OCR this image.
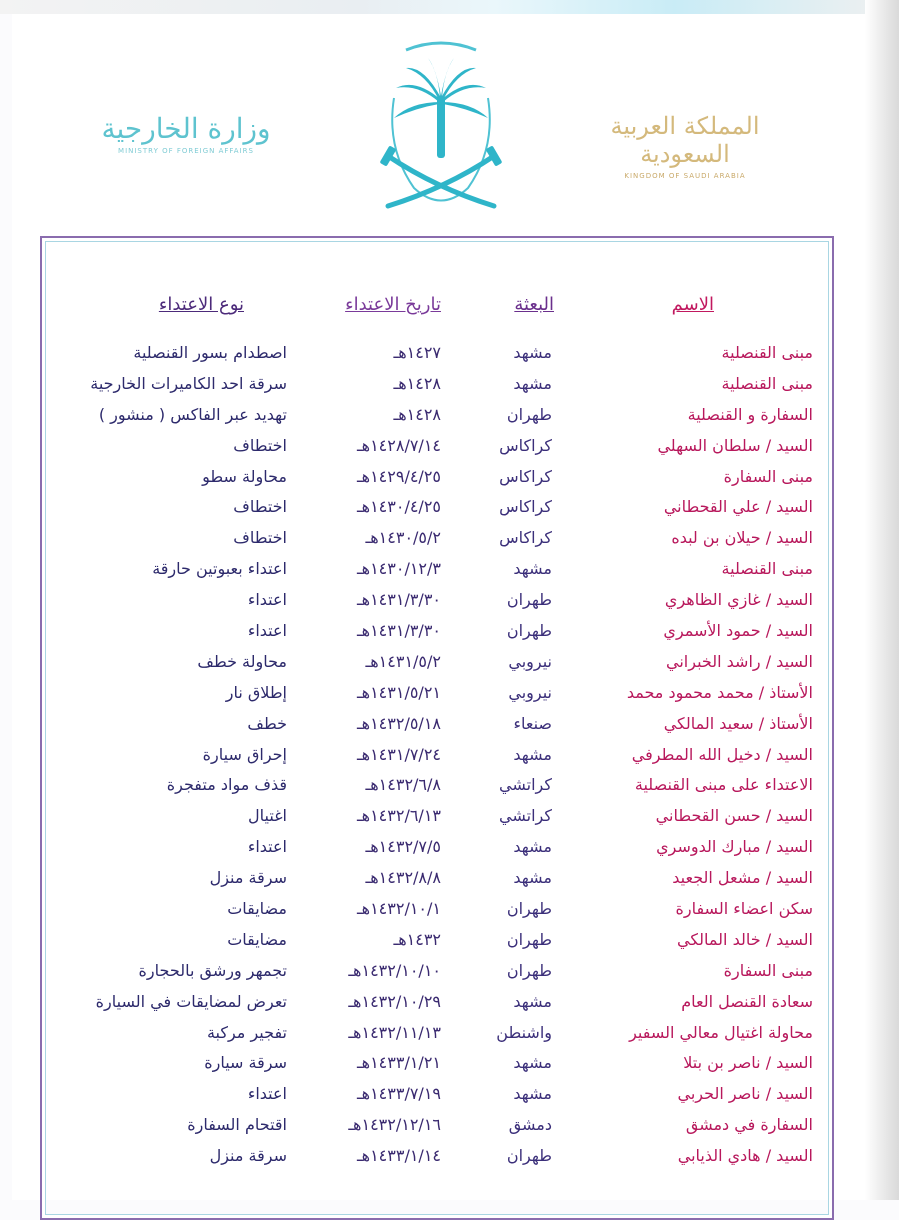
وزارة الخارجية
MINISTRY OF FOREIGN AFFAIRS
المملكة العربية السعودية
KINGDOM OF SAUDI ARABIA
الاسم
البعثة
تاريخ الاعتداء
نوع الاعتداء
مبنى القنصلية
مشهد
١٤٢٧هـ
اصطدام بسور القنصلية
مبنى القنصلية
مشهد
١٤٢٨هـ
سرقة احد الكاميرات الخارجية
السفارة و القنصلية
طهران
١٤٢٨هـ
تهديد عبر الفاكس ( منشور )
السيد / سلطان السهلي
كراكاس
١٤٢٨/٧/١٤هـ
اختطاف
مبنى السفارة
كراكاس
١٤٢٩/٤/٢٥هـ
محاولة سطو
السيد / علي القحطاني
كراكاس
١٤٣٠/٤/٢٥هـ
اختطاف
السيد / حيلان بن لبده
كراكاس
١٤٣٠/٥/٢هـ
اختطاف
مبنى القنصلية
مشهد
١٤٣٠/١٢/٣هـ
اعتداء بعبوتين حارقة
السيد / غازي الظاهري
طهران
١٤٣١/٣/٣٠هـ
اعتداء
السيد / حمود الأسمري
طهران
١٤٣١/٣/٣٠هـ
اعتداء
السيد / راشد الخبراني
نيروبي
١٤٣١/٥/٢هـ
محاولة خطف
الأستاذ / محمد محمود محمد
نيروبي
١٤٣١/٥/٢١هـ
إطلاق نار
الأستاذ / سعيد المالكي
صنعاء
١٤٣٢/٥/١٨هـ
خطف
السيد / دخيل الله المطرفي
مشهد
١٤٣١/٧/٢٤هـ
إحراق سيارة
الاعتداء على مبنى القنصلية
كراتشي
١٤٣٢/٦/٨هـ
قذف مواد متفجرة
السيد / حسن القحطاني
كراتشي
١٤٣٢/٦/١٣هـ
اغتيال
السيد / مبارك الدوسري
مشهد
١٤٣٢/٧/٥هـ
اعتداء
السيد / مشعل الجعيد
مشهد
١٤٣٢/٨/٨هـ
سرقة منزل
سكن اعضاء السفارة
طهران
١٤٣٢/١٠/١هـ
مضايقات
السيد / خالد المالكي
طهران
١٤٣٢هـ
مضايقات
مبنى السفارة
طهران
١٤٣٢/١٠/١٠هـ
تجمهر ورشق بالحجارة
سعادة القنصل العام
مشهد
١٤٣٢/١٠/٢٩هـ
تعرض لمضايقات في السيارة
محاولة اغتيال معالي السفير
واشنطن
١٤٣٢/١١/١٣هـ
تفجير مركبة
السيد / ناصر بن بتلا
مشهد
١٤٣٣/١/٢١هـ
سرقة سيارة
السيد / ناصر الحربي
مشهد
١٤٣٣/٧/١٩هـ
اعتداء
السفارة في دمشق
دمشق
١٤٣٢/١٢/١٦هـ
اقتحام السفارة
السيد / هادي الذيابي
طهران
١٤٣٣/١/١٤هـ
سرقة منزل
